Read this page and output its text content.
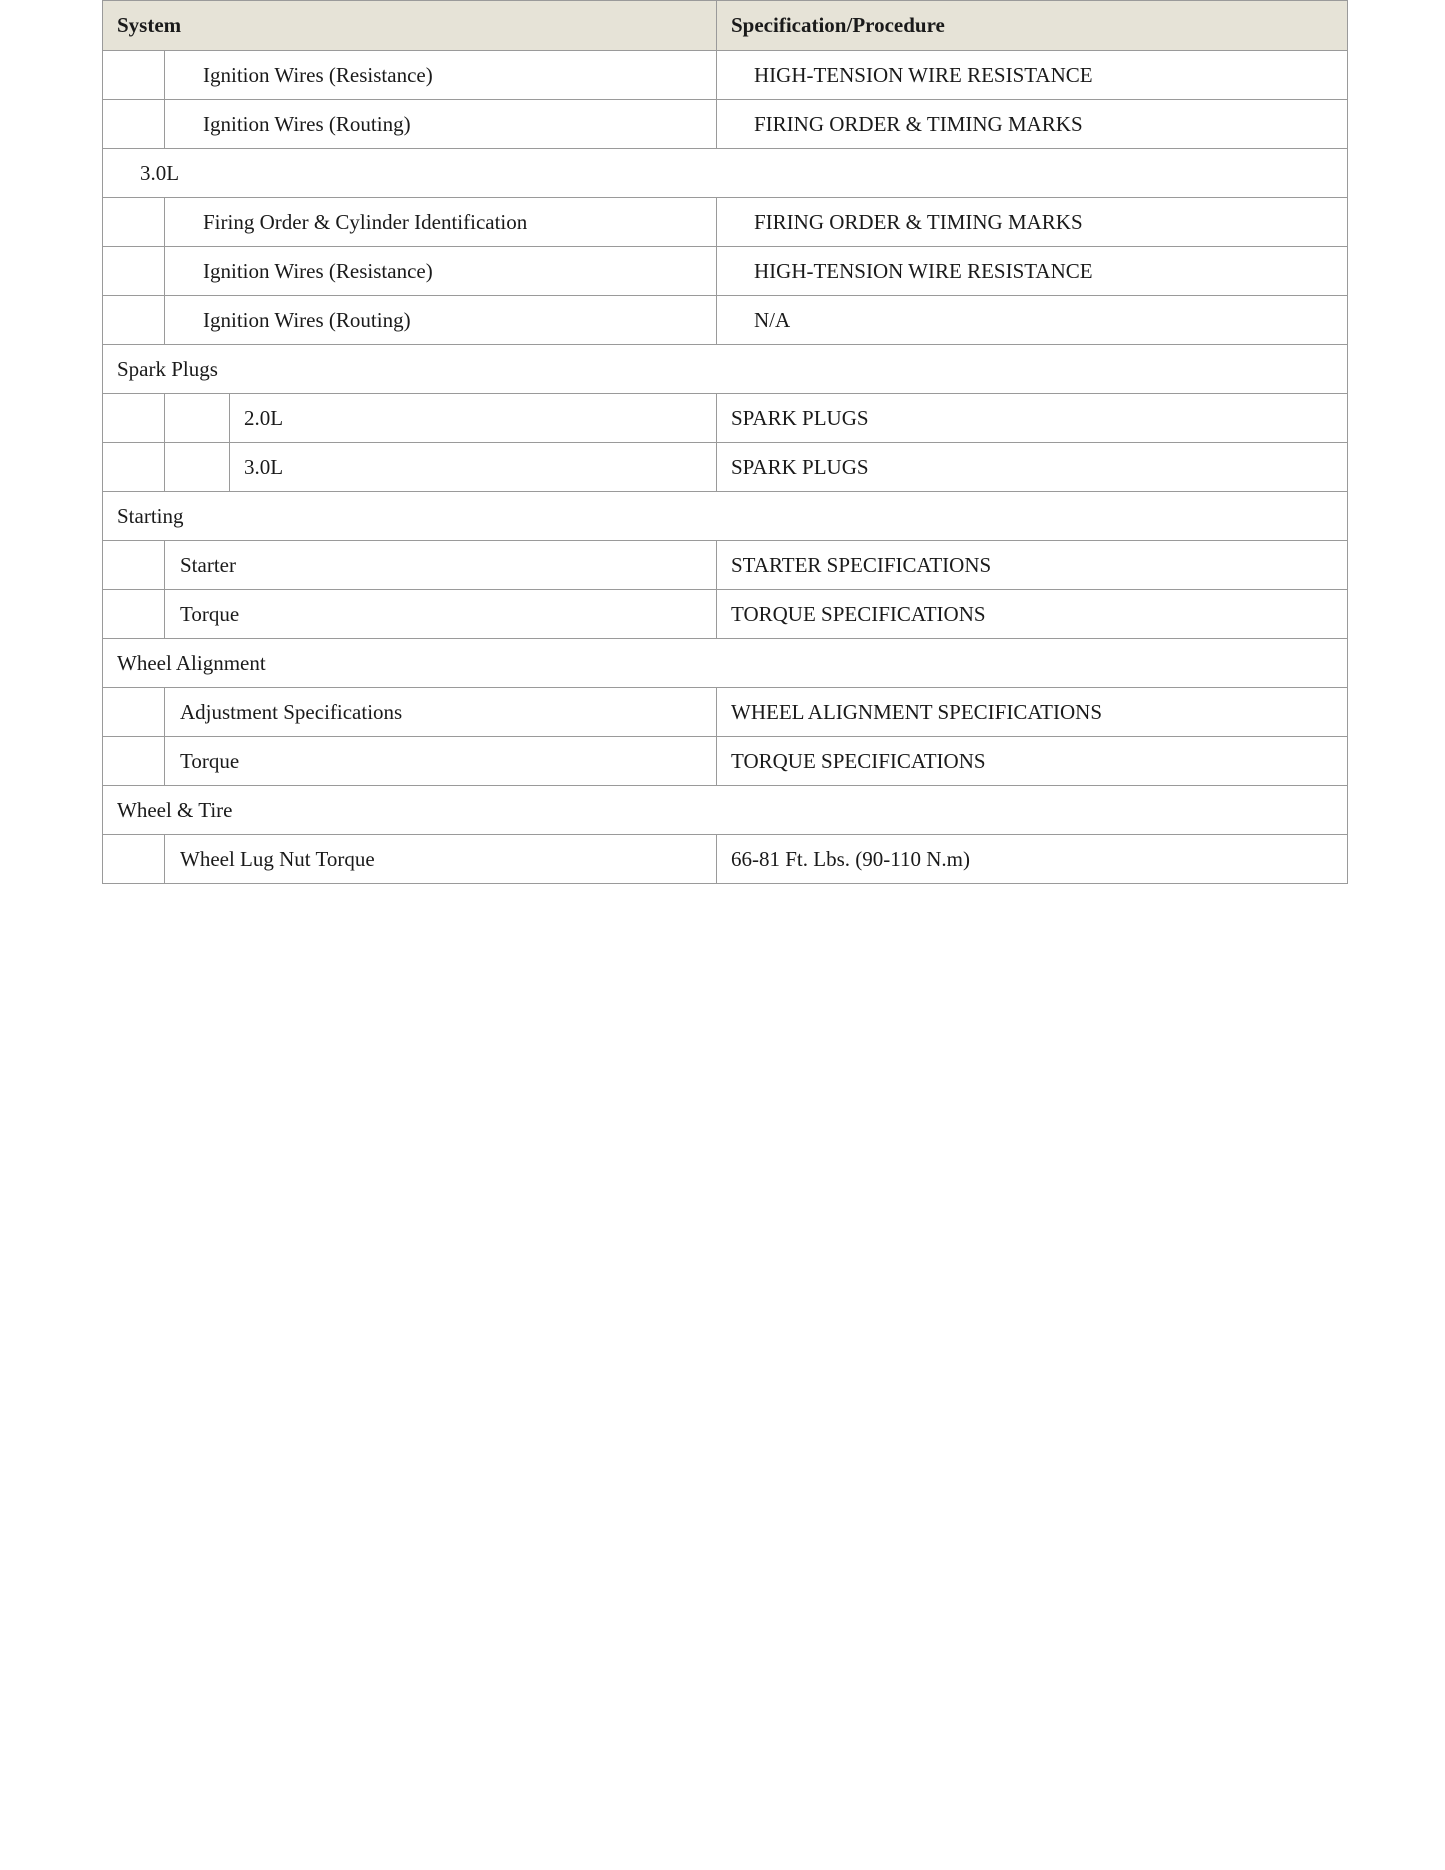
System			Specification/Procedure
	Ignition Wires (Resistance)		HIGH-TENSION WIRE RESISTANCE
	Ignition Wires (Routing)		FIRING ORDER & TIMING MARKS
3.0L			
	Firing Order & Cylinder Identification		FIRING ORDER & TIMING MARKS
	Ignition Wires (Resistance)		HIGH-TENSION WIRE RESISTANCE
	Ignition Wires (Routing)		N/A
Spark Plugs			
		2.0L	SPARK PLUGS
		3.0L	SPARK PLUGS
Starting			
	Starter		STARTER SPECIFICATIONS
	Torque		TORQUE SPECIFICATIONS
Wheel Alignment			
	Adjustment Specifications		WHEEL ALIGNMENT SPECIFICATIONS
	Torque		TORQUE SPECIFICATIONS
Wheel & Tire			
	Wheel Lug Nut Torque		66-81 Ft. Lbs. (90-110 N.m)
